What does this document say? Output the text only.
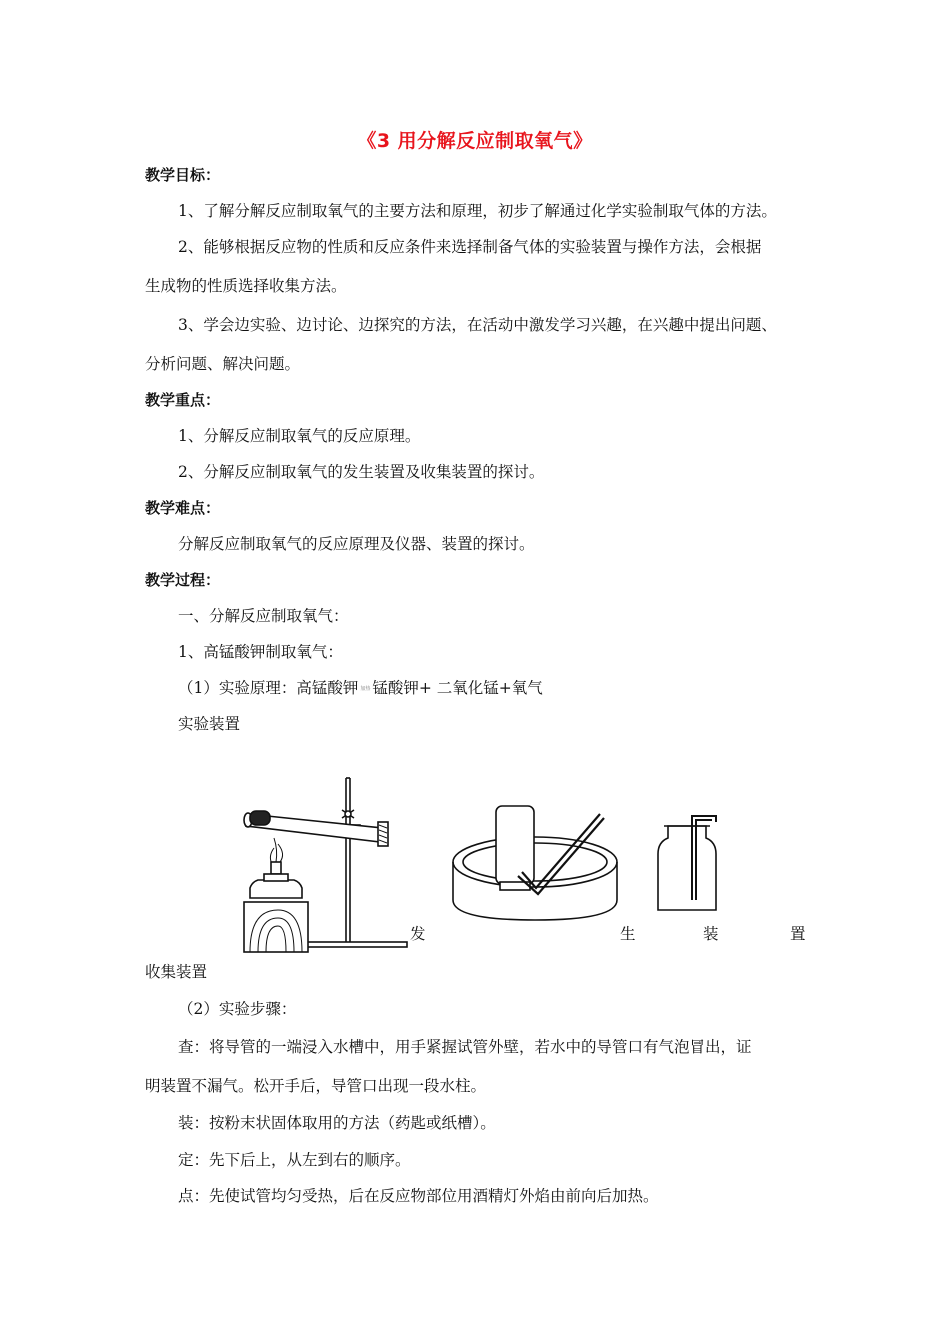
《3 用分解反应制取氧气》
教学目标：
1、了解分解反应制取氧气的主要方法和原理，初步了解通过化学实验制取气体的方法。
2、能够根据反应物的性质和反应条件来选择制备气体的实验装置与操作方法，会根据
生成物的性质选择收集方法。
3、学会边实验、边讨论、边探究的方法，在活动中激发学习兴趣，在兴趣中提出问题、
分析问题、解决问题。
教学重点：
1、分解反应制取氧气的反应原理。
2、分解反应制取氧气的发生装置及收集装置的探讨。
教学难点：
分解反应制取氧气的反应原理及仪器、装置的探讨。
教学过程：
一、分解反应制取氧气：
1、高锰酸钾制取氧气：
（1）实验原理：高锰酸钾 加热 锰酸钾+ 二氧化锰+氧气
实验装置
发	生	装	置
收集装置
（2）实验步骤：
查：将导管的一端浸入水槽中，用手紧握试管外壁，若水中的导管口有气泡冒出，证
明装置不漏气。松开手后，导管口出现一段水柱。
装：按粉末状固体取用的方法（药匙或纸槽）。
定：先下后上，从左到右的顺序。
点：先使试管均匀受热，后在反应物部位用酒精灯外焰由前向后加热。
